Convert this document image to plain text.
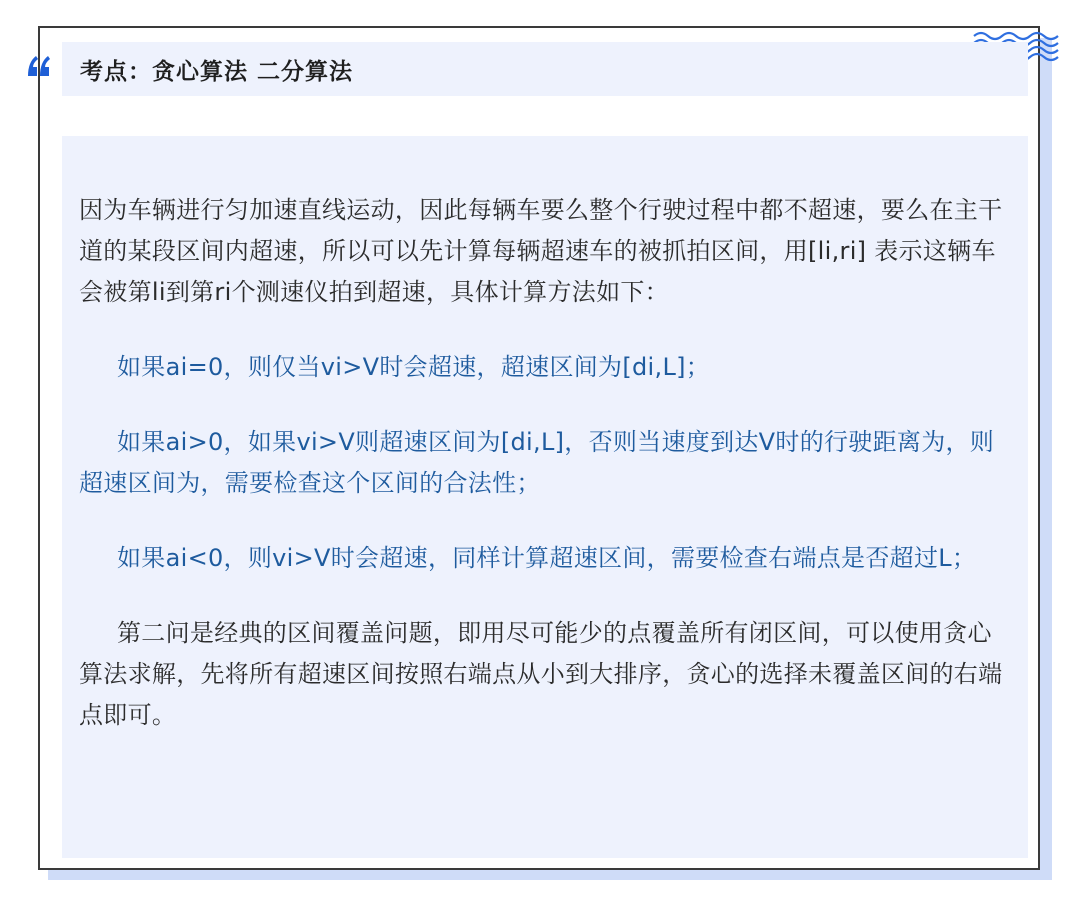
考点：贪心算法 二分算法

因为车辆进行匀加速直线运动，因此每辆车要么整个行驶过程中都不超速，要么在主干道的某段区间内超速，所以可以先计算每辆超速车的被抓拍区间，用[li,ri] 表示这辆车会被第li到第ri个测速仪拍到超速，具体计算方法如下：

如果ai=0，则仅当vi>V时会超速，超速区间为[di,L]；

如果ai>0，如果vi>V则超速区间为[di,L]，否则当速度到达V时的行驶距离为，则超速区间为，需要检查这个区间的合法性；

如果ai<0，则vi>V时会超速，同样计算超速区间，需要检查右端点是否超过L；

第二问是经典的区间覆盖问题，即用尽可能少的点覆盖所有闭区间，可以使用贪心算法求解，先将所有超速区间按照右端点从小到大排序，贪心的选择未覆盖区间的右端点即可。
